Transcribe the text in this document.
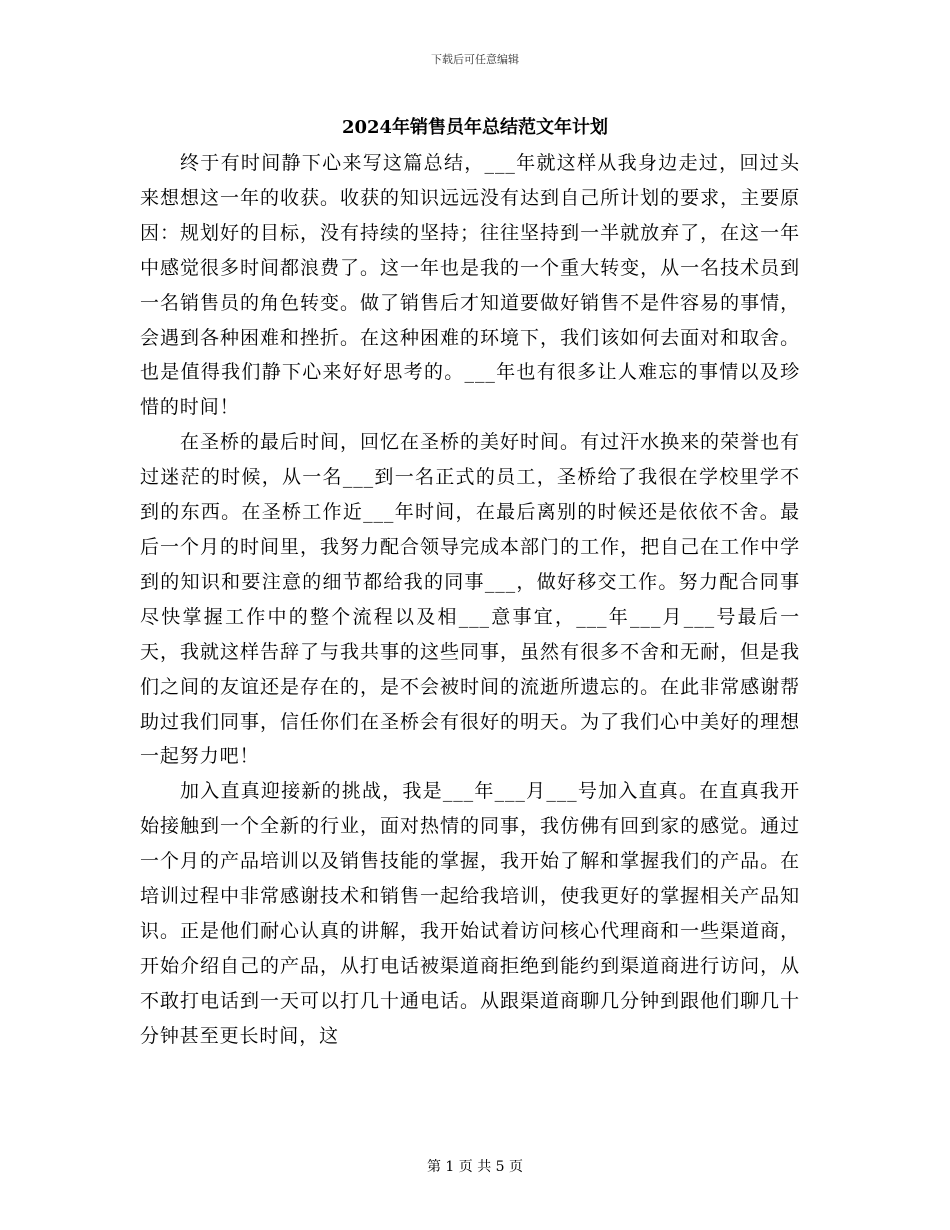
下载后可任意编辑
2024年销售员年总结范文年计划

终于有时间静下心来写这篇总结，___年就这样从我身边走过，回过头来想想这一年的收获。收获的知识远远没有达到自己所计划的要求，主要原因：规划好的目标，没有持续的坚持；往往坚持到一半就放弃了，在这一年中感觉很多时间都浪费了。这一年也是我的一个重大转变，从一名技术员到一名销售员的角色转变。做了销售后才知道要做好销售不是件容易的事情，会遇到各种困难和挫折。在这种困难的环境下，我们该如何去面对和取舍。也是值得我们静下心来好好思考的。___年也有很多让人难忘的事情以及珍惜的时间！

在圣桥的最后时间，回忆在圣桥的美好时间。有过汗水换来的荣誉也有过迷茫的时候，从一名___到一名正式的员工，圣桥给了我很在学校里学不到的东西。在圣桥工作近___年时间，在最后离别的时候还是依依不舍。最后一个月的时间里，我努力配合领导完成本部门的工作，把自己在工作中学到的知识和要注意的细节都给我的同事___，做好移交工作。努力配合同事尽快掌握工作中的整个流程以及相___意事宜，___年___月___号最后一天，我就这样告辞了与我共事的这些同事，虽然有很多不舍和无耐，但是我们之间的友谊还是存在的，是不会被时间的流逝所遗忘的。在此非常感谢帮助过我们同事，信任你们在圣桥会有很好的明天。为了我们心中美好的理想一起努力吧！

加入直真迎接新的挑战，我是___年___月___号加入直真。在直真我开始接触到一个全新的行业，面对热情的同事，我仿佛有回到家的感觉。通过一个月的产品培训以及销售技能的掌握，我开始了解和掌握我们的产品。在培训过程中非常感谢技术和销售一起给我培训，使我更好的掌握相关产品知识。正是他们耐心认真的讲解，我开始试着访问核心代理商和一些渠道商，开始介绍自己的产品，从打电话被渠道商拒绝到能约到渠道商进行访问，从不敢打电话到一天可以打几十通电话。从跟渠道商聊几分钟到跟他们聊几十分钟甚至更长时间，这

第 1 页 共 5 页
